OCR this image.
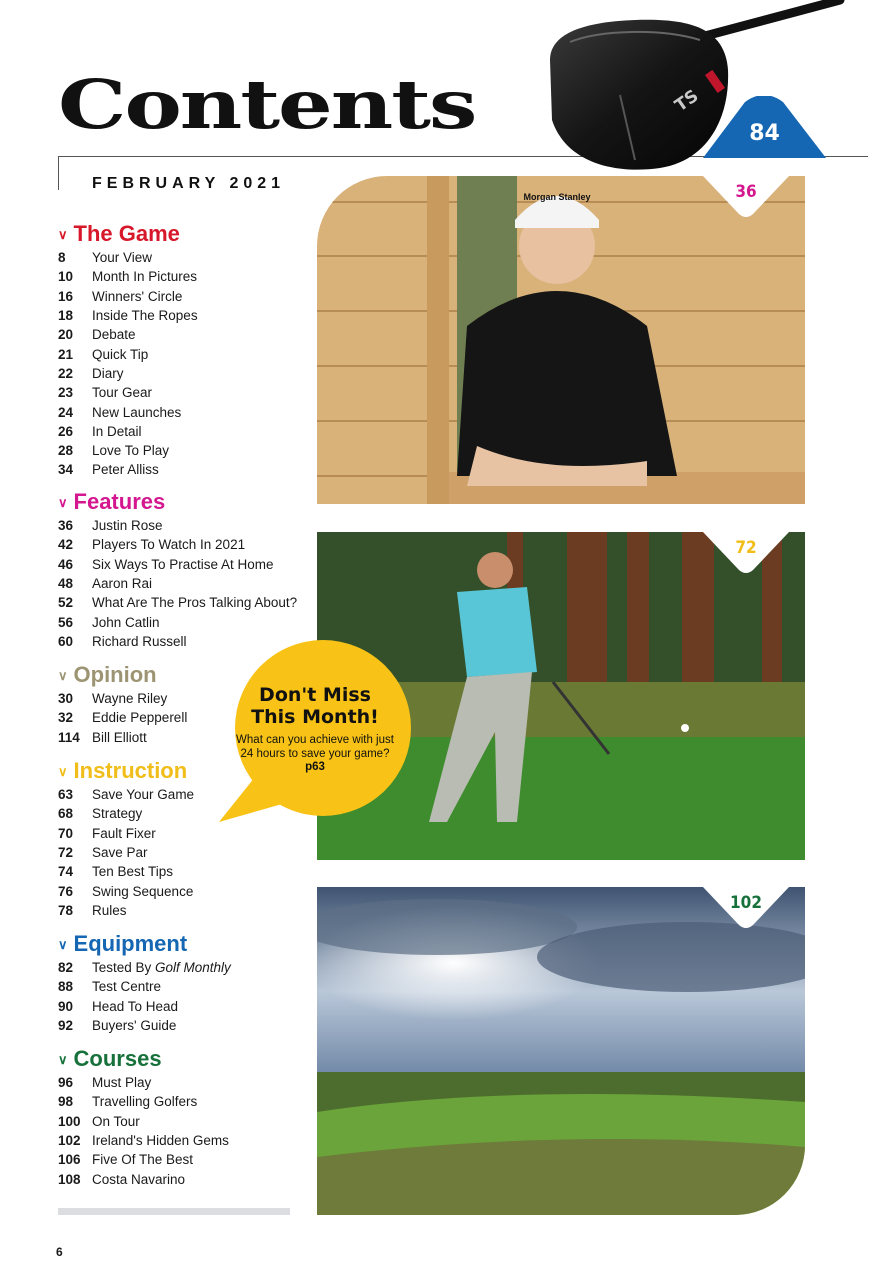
Contents
FEBRUARY 2021
TS
84
∨ The Game
8	Your View
10	Month In Pictures
16	Winners' Circle
18	Inside The Ropes
20	Debate
21	Quick Tip
22	Diary
23	Tour Gear
24	New Launches
26	In Detail
28	Love To Play
34	Peter Alliss
∨ Features
36	Justin Rose
42	Players To Watch In 2021
46	Six Ways To Practise At Home
48	Aaron Rai
52	What Are The Pros Talking About?
56	John Catlin
60	Richard Russell
∨ Opinion
30	Wayne Riley
32	Eddie Pepperell
114 Bill Elliott
∨ Instruction
63	Save Your Game
68	Strategy
70	Fault Fixer
72	Save Par
74	Ten Best Tips
76	Swing Sequence
78	Rules
∨ Equipment
82	Tested By Golf Monthly
88	Test Centre
90	Head To Head
92	Buyers' Guide
∨ Courses
96	Must Play
98	Travelling Golfers
100 On Tour
102 Ireland's Hidden Gems
106 Five Of The Best
108 Costa Navarino
Morgan Stanley	36
72
102
Don't Miss
This Month!
What can you achieve with just 24 hours to save your game?
p63
6
